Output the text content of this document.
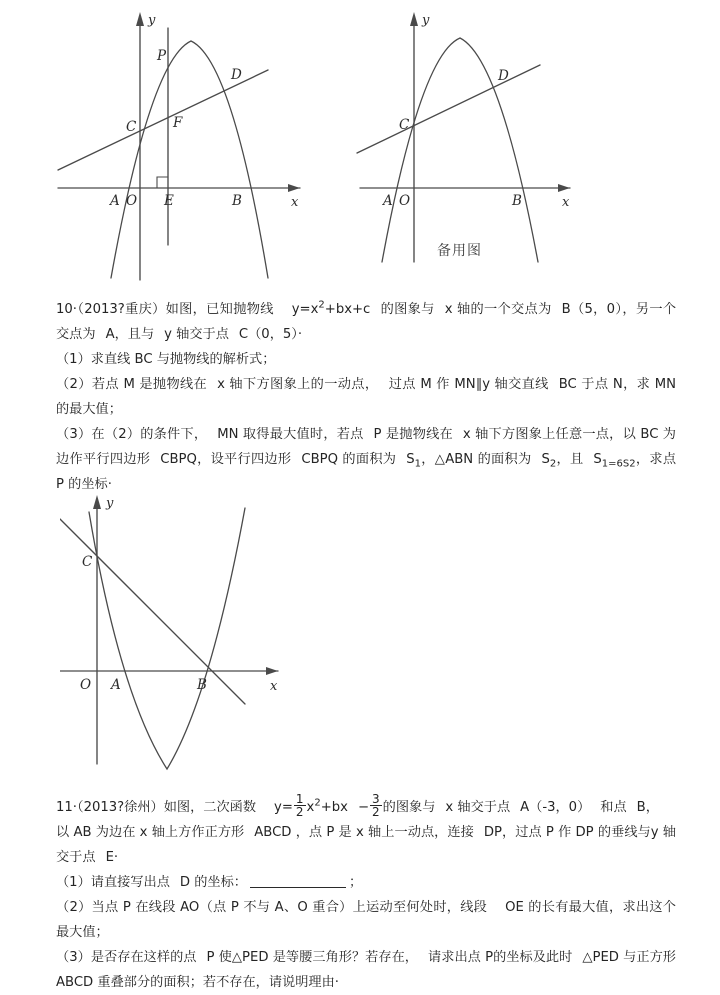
y
x
A O E	B
C	F
P
D
y
x
A O	B
C
D
备用图

10·（2013?重庆）如图，已知抛物线 $y=x^2+bx+c$ 的图象与 x 轴的一个交点为 B（5，0），另一个交点为 A，且与 y 轴交于点 C（0，5）·

（1）求直线 BC 与抛物线的解析式；

（2）若点 M 是抛物线在 x 轴下方图象上的一动点， 过点 M 作 MN∥y 轴交直线 BC 于点 N，求 MN 的最大值；

（3）在（2）的条件下， MN 取得最大值时，若点 P 是抛物线在 x 轴下方图象上任意一点，以 BC 为边作平行四边形 CBPQ，设平行四边形 CBPQ 的面积为 $S_1$，△ABN 的面积为 $S_2$，且 $S_{1=6S2}$，求点 P 的坐标·

y
x
O A	B
C

11·（2013?徐州）如图，二次函数 $y= \frac{1}{2} x^2+bx - \frac{3}{2}$ 的图象与 x 轴交于点 A（-3，0） 和点 B，

以 AB 为边在 x 轴上方作正方形 ABCD ，点 P 是 x 轴上一动点，连接 DP，过点 P 作 DP 的垂线与y 轴交于点 E·

（1）请直接写出点 D 的坐标：	；

（2）当点 P 在线段 AO（点 P 不与 A、O 重合）上运动至何处时，线段 OE 的长有最大值，求出这个最大值；

（3）是否存在这样的点 P 使△PED 是等腰三角形？若存在， 请求出点 P的坐标及此时 △PED 与正方形 ABCD 重叠部分的面积；若不存在，请说明理由·
